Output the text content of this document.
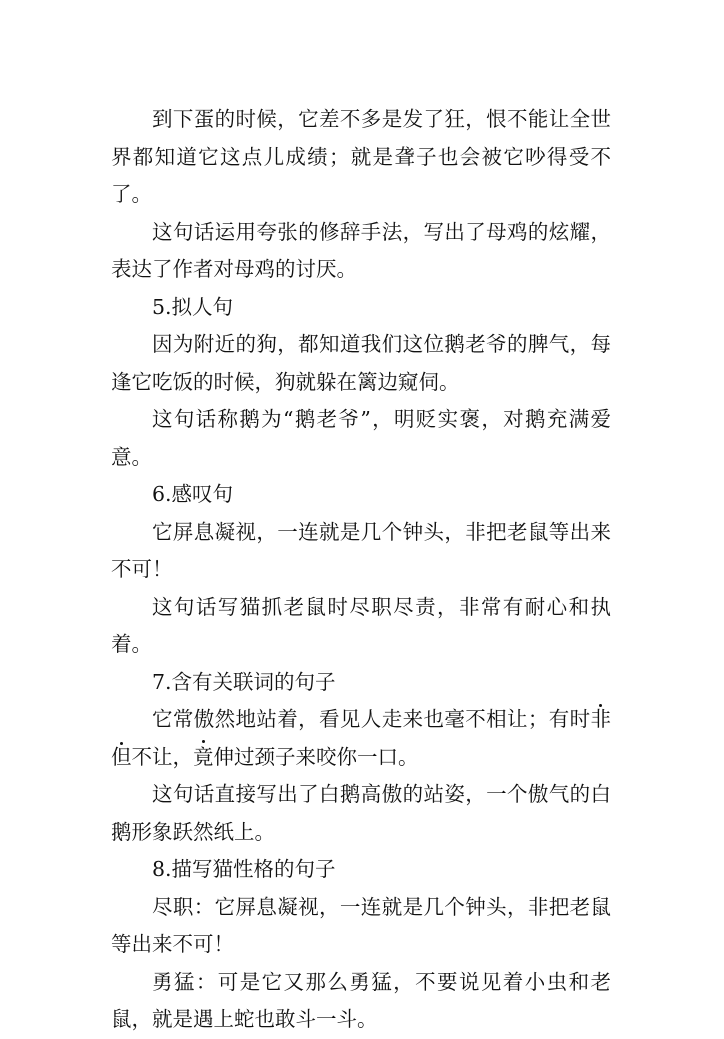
到下蛋的时候，它差不多是发了狂，恨不能让全世界都知道它这点儿成绩；就是聋子也会被它吵得受不了。

这句话运用夸张的修辞手法，写出了母鸡的炫耀，表达了作者对母鸡的讨厌。

5.拟人句

因为附近的狗，都知道我们这位鹅老爷的脾气，每逢它吃饭的时候，狗就躲在篱边窥伺。

这句话称鹅为“鹅老爷”，明贬实褒，对鹅充满爱意。

6.感叹句

它屏息凝视，一连就是几个钟头，非把老鼠等出来不可！

这句话写猫抓老鼠时尽职尽责，非常有耐心和执着。

7.含有关联词的句子

它常傲然地站着，看见人走来也毫不相让；有时非但不让，竟伸过颈子来咬你一口。

这句话直接写出了白鹅高傲的站姿，一个傲气的白鹅形象跃然纸上。

8.描写猫性格的句子

尽职：它屏息凝视，一连就是几个钟头，非把老鼠等出来不可！

勇猛：可是它又那么勇猛，不要说见着小虫和老鼠，就是遇上蛇也敢斗一斗。
